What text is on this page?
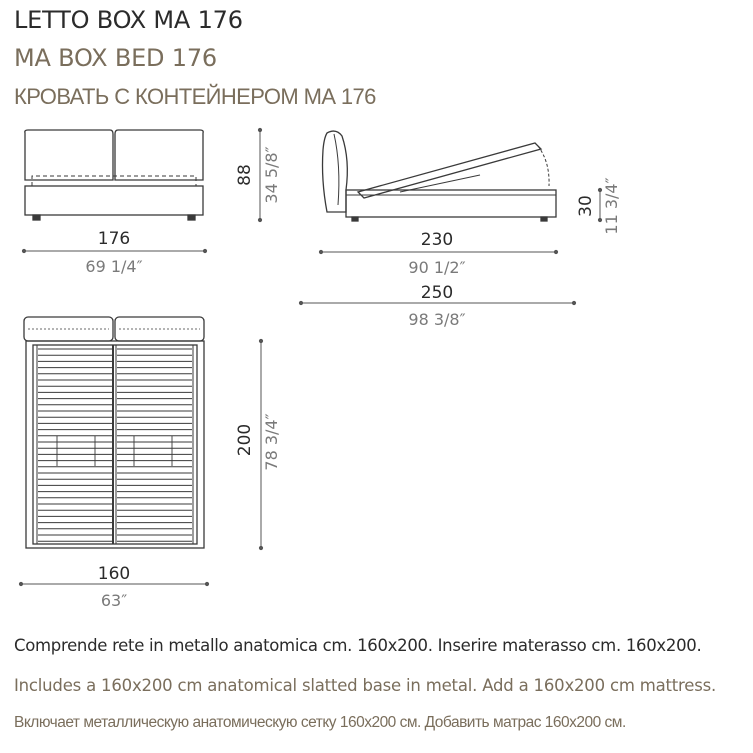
LETTO BOX MA 176
MA BOX BED 176
КРОВАТЬ С КОНТЕЙНЕРОМ МА 176
176
69 1/4″
88 34 5/8″
230
90 1/2″
250
98 3/8″
30 11 3/4″
160
63″
200 78 3/4″
Comprende rete in metallo anatomica cm. 160x200. Inserire materasso cm. 160x200.
Includes a 160x200 cm anatomical slatted base in metal. Add a 160x200 cm mattress.
Включает металлическую анатомическую сетку 160x200 см. Добавить матрас 160x200 см.
